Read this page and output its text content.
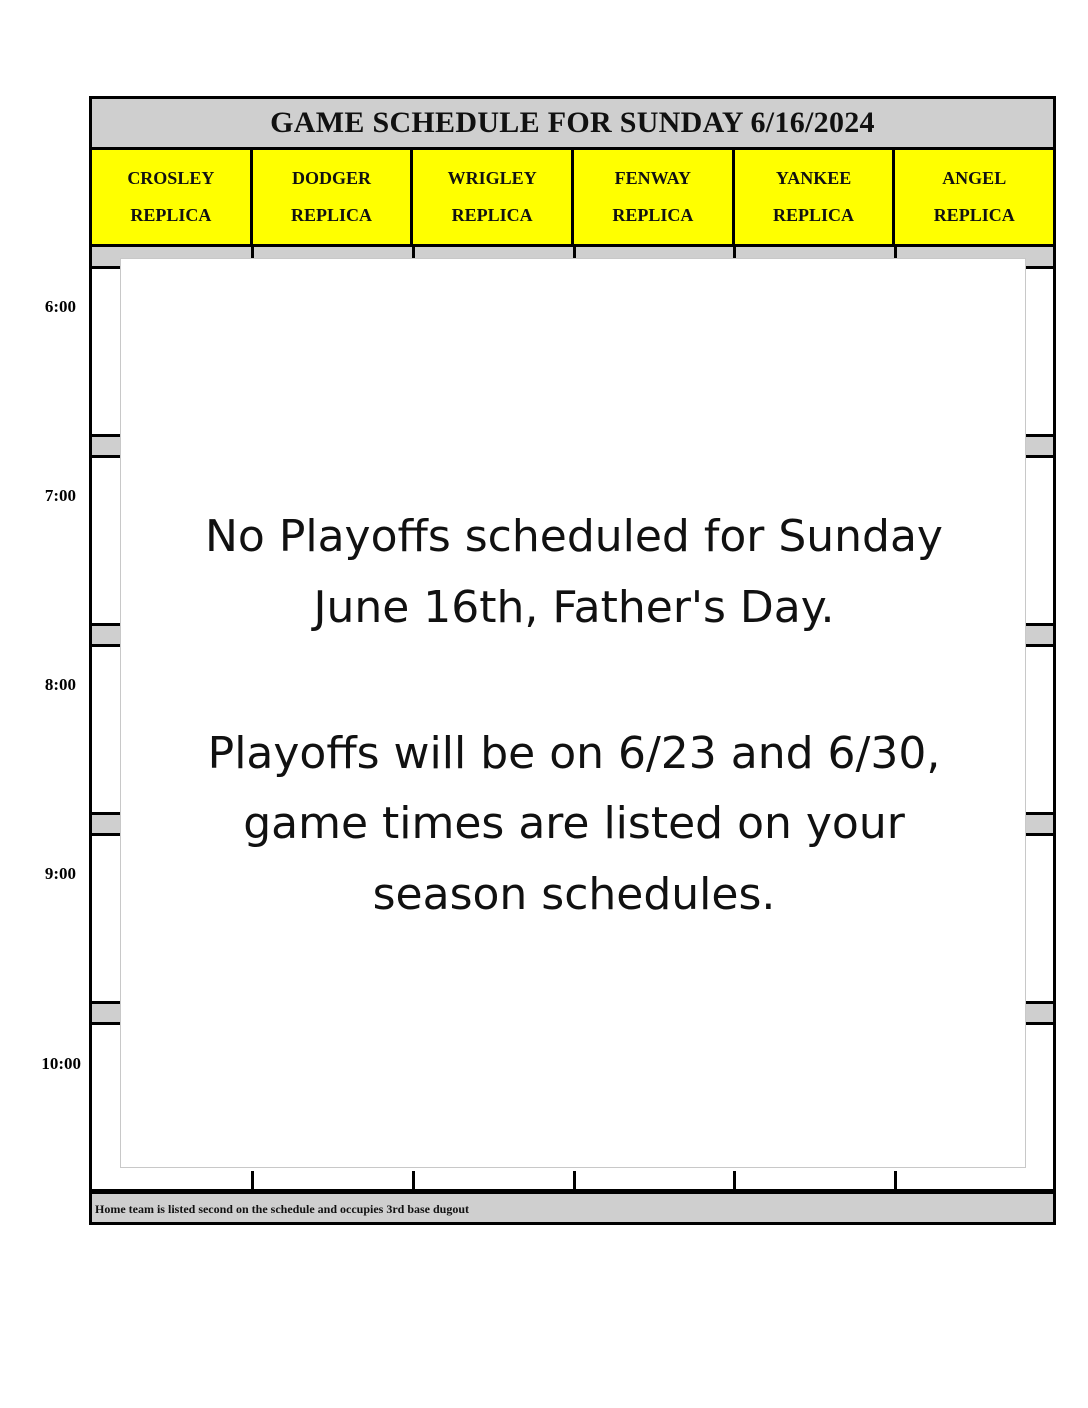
GAME SCHEDULE FOR SUNDAY 6/16/2024
CROSLEY
REPLICA
DODGER
REPLICA
WRIGLEY
REPLICA
FENWAY
REPLICA
YANKEE
REPLICA
ANGEL
REPLICA
Home team is listed second on the schedule and occupies 3rd base dugout
6:00
7:00
8:00
9:00
10:00

No Playoffs scheduled for Sunday

June 16th, Father's Day.

Playoffs will be on 6/23 and 6/30,

game times are listed on your

season schedules.
